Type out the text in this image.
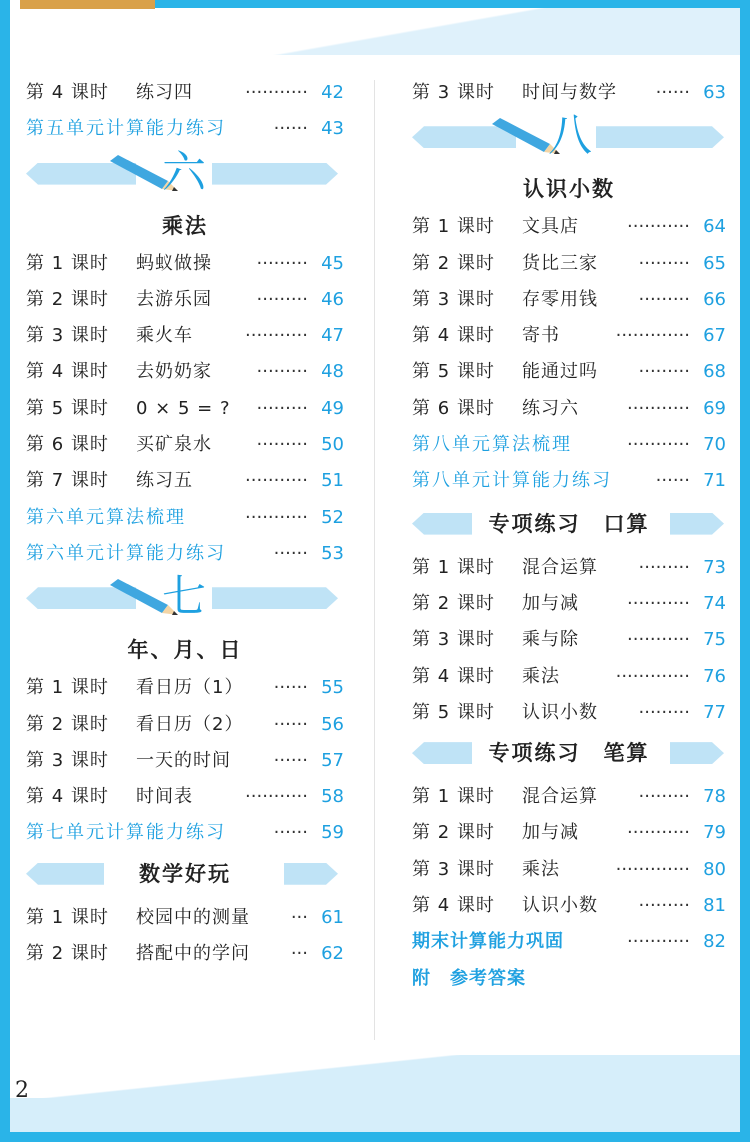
第 4 课时 练习四	··········· 42
第五单元计算能力练习	······ 43
六
乘法
第 1 课时 蚂蚁做操 ········· 45
第 2 课时 去游乐园 ········· 46
第 3 课时 乘火车	··········· 47
第 4 课时 去奶奶家 ········· 48
第 5 课时 0 × 5 = ? ········· 49
第 6 课时 买矿泉水 ········· 50
第 7 课时 练习五	··········· 51
第六单元算法梳理	··········· 52
第六单元计算能力练习	······ 53
七
年、月、日
第 1 课时 看日历（1） ······ 55
第 2 课时 看日历（2） ······ 56
第 3 课时 一天的时间 ······ 57
第 4 课时 时间表	··········· 58
第七单元计算能力练习	······ 59
数学好玩
第 1 课时 校园中的测量 ··· 61
第 2 课时 搭配中的学问 ··· 62
第 3 课时 时间与数学 ······ 63
八
认识小数
第 1 课时 文具店	··········· 64
第 2 课时 货比三家 ········· 65
第 3 课时 存零用钱 ········· 66
第 4 课时 寄书	············· 67
第 5 课时 能通过吗 ········· 68
第 6 课时 练习六	··········· 69
第八单元算法梳理	··········· 70
第八单元计算能力练习 ······ 71
专项练习　口算
第 1 课时 混合运算 ········· 73
第 2 课时 加与减	··········· 74
第 3 课时 乘与除	··········· 75
第 4 课时 乘法	············· 76
第 5 课时 认识小数 ········· 77
专项练习　笔算
第 1 课时 混合运算 ········· 78
第 2 课时 加与减	··········· 79
第 3 课时 乘法	············· 80
第 4 课时 认识小数 ········· 81
期末计算能力巩固	··········· 82
附　参考答案
2
